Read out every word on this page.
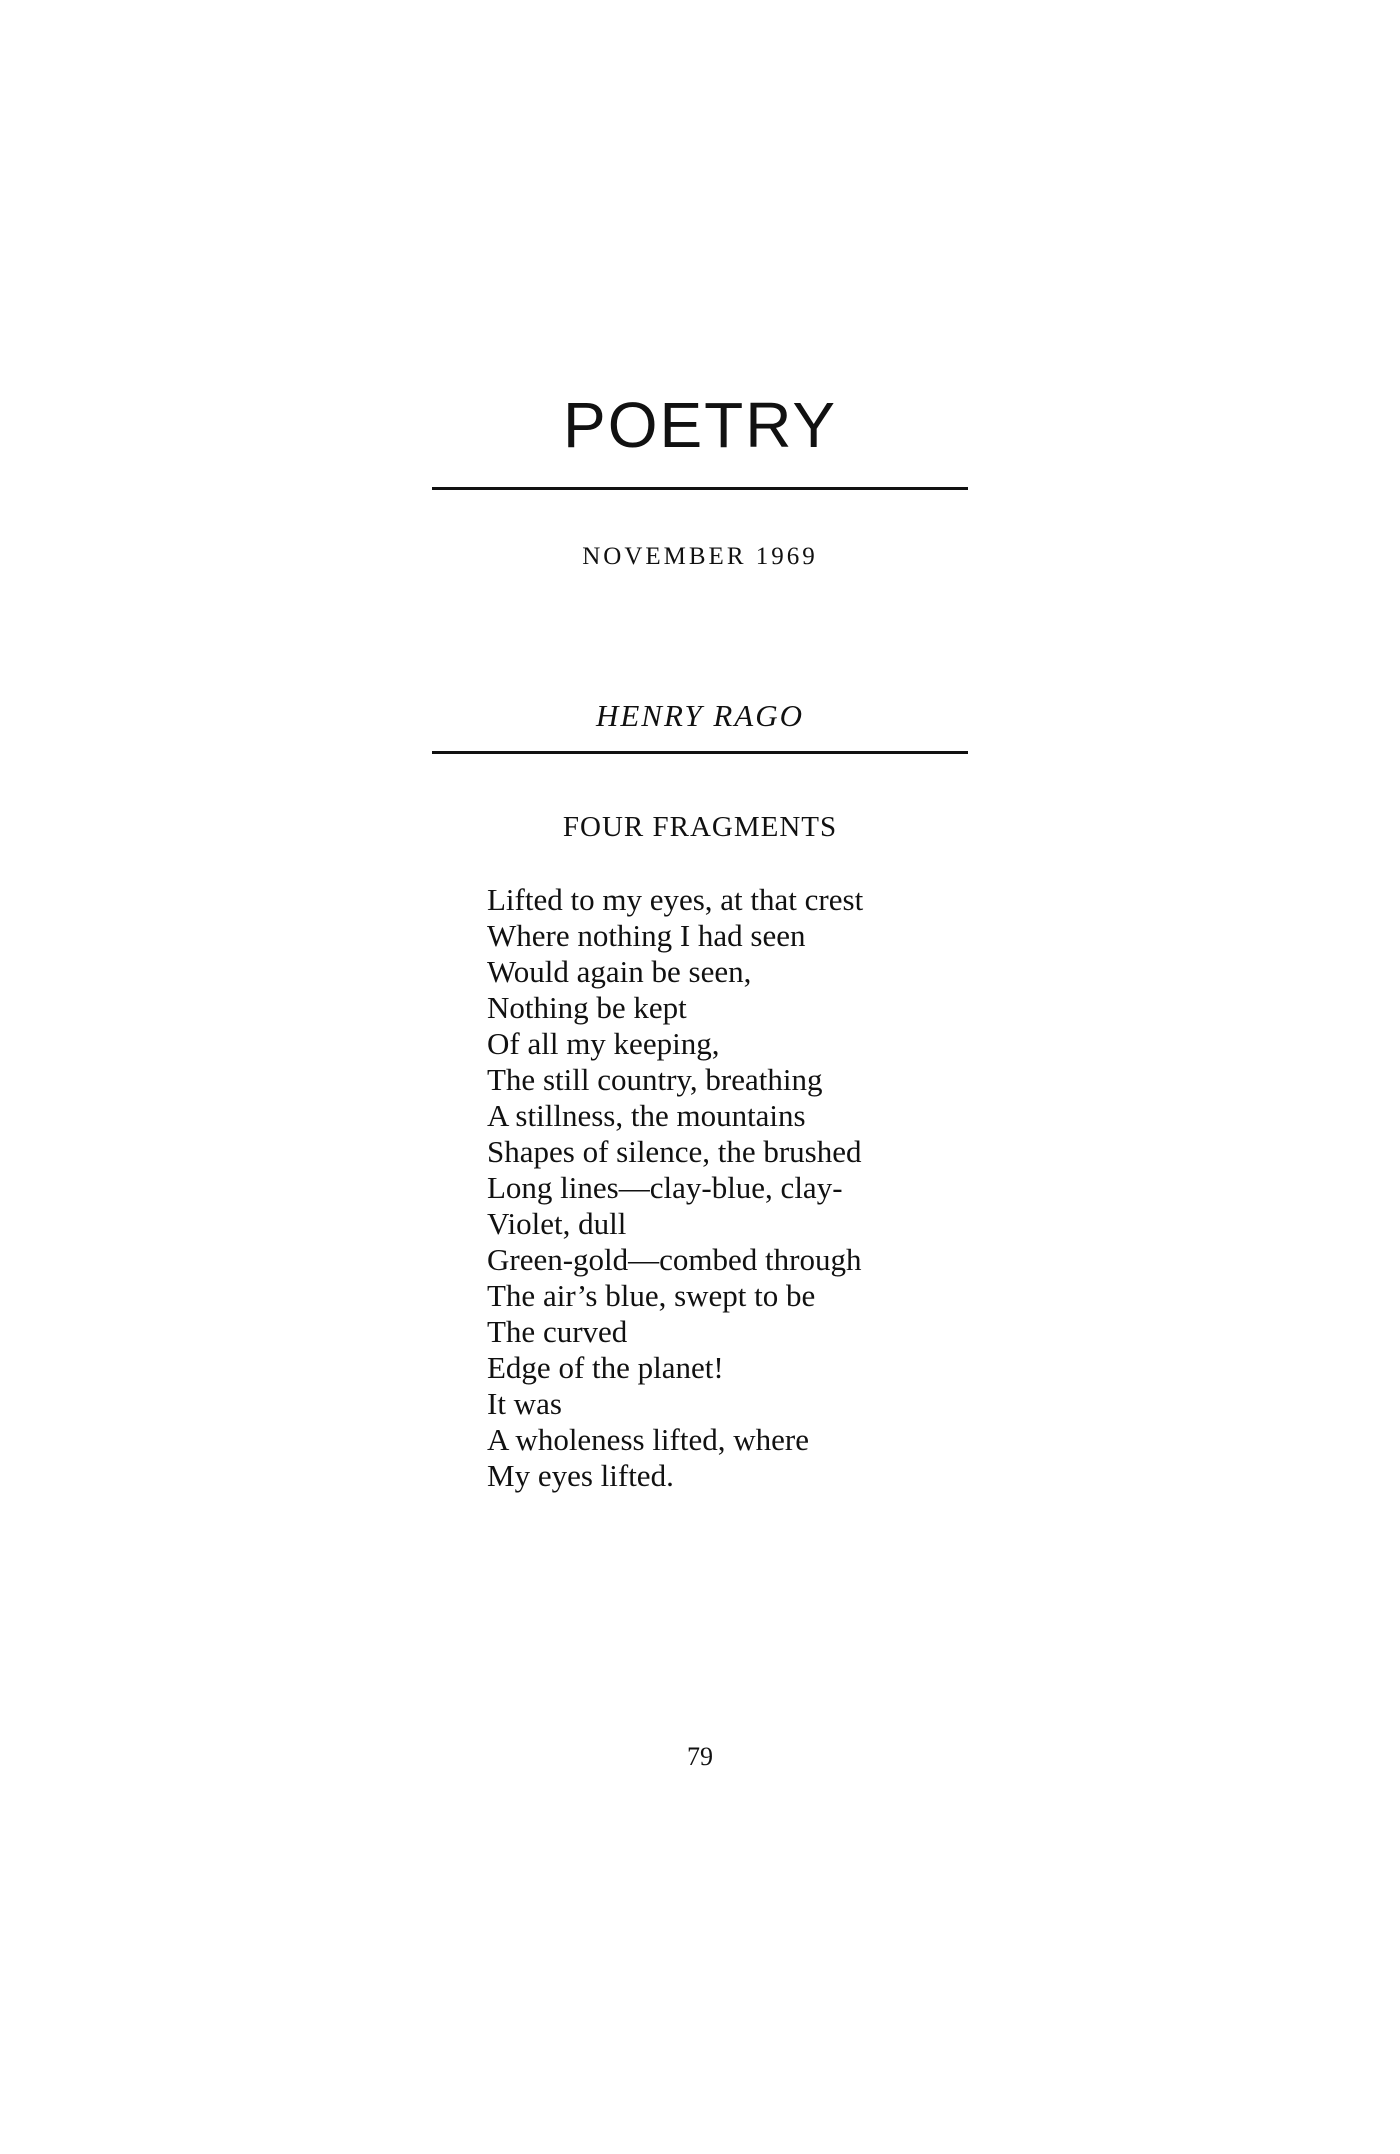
POETRY
NOVEMBER 1969
HENRY RAGO
FOUR FRAGMENTS
Lifted to my eyes, at that crest
Where nothing I had seen
Would again be seen,
Nothing be kept
Of all my keeping,
The still country, breathing
A stillness, the mountains
Shapes of silence, the brushed
Long lines—clay-blue, clay-
Violet, dull
Green-gold—combed through
The air’s blue, swept to be
The curved
Edge of the planet!
It was
A wholeness lifted, where
My eyes lifted.
79
